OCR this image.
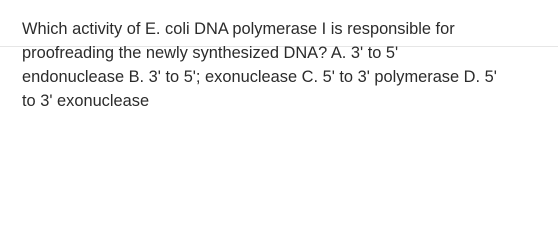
Which activity of E. coli DNA polymerase I is responsible for
proofreading the newly synthesized DNA? A. 3' to 5'
endonuclease B. 3' to 5'; exonuclease C. 5' to 3' polymerase D. 5'
to 3' exonuclease
